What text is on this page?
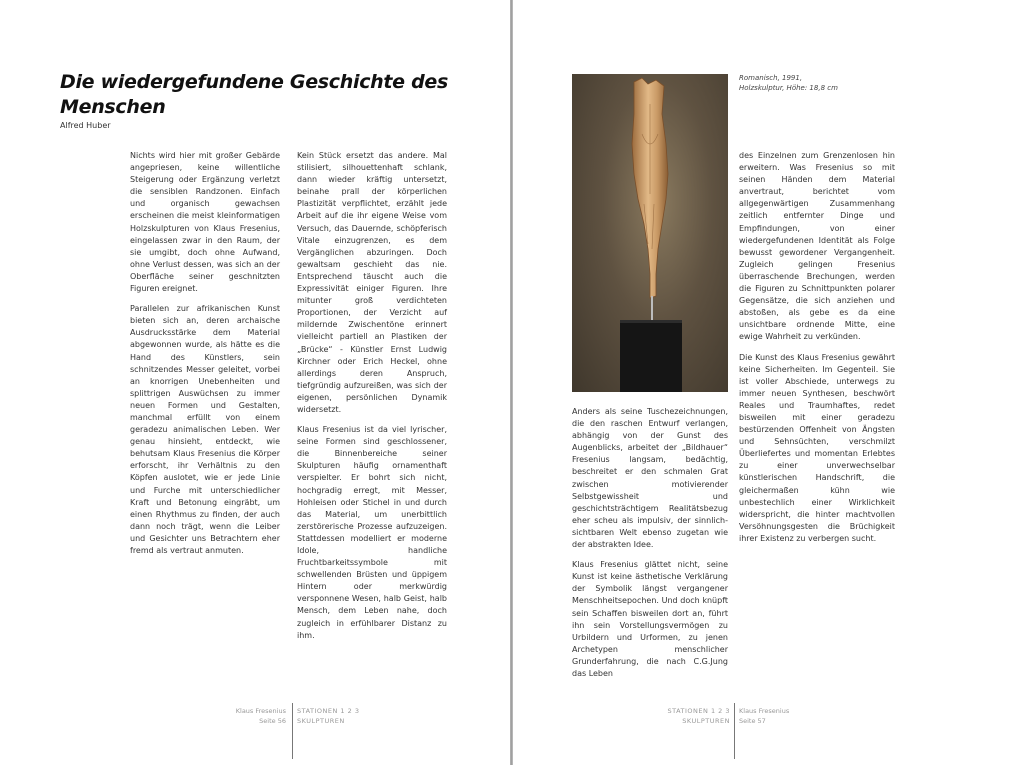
Die wiedergefundene Geschichte des Menschen
Alfred Huber

Nichts wird hier mit großer Gebärde angepriesen, keine willentliche Steigerung oder Ergänzung verletzt die sensiblen Randzonen. Einfach und organisch gewachsen erscheinen die meist kleinformatigen Holzskulpturen von Klaus Fresenius, eingelassen zwar in den Raum, der sie umgibt, doch ohne Aufwand, ohne Verlust dessen, was sich an der Oberfläche seiner geschnitzten Figuren ereignet.

Parallelen zur afrikanischen Kunst bieten sich an, deren archaische Ausdrucksstärke dem Material abgewonnen wurde, als hätte es die Hand des Künstlers, sein schnitzendes Messer geleitet, vorbei an knorrigen Unebenheiten und splittrigen Auswüchsen zu immer neuen Formen und Gestalten, manchmal erfüllt von einem geradezu animalischen Leben. Wer genau hinsieht, entdeckt, wie behutsam Klaus Fresenius die Körper erforscht, ihr Verhältnis zu den Köpfen auslotet, wie er jede Linie und Furche mit unterschiedlicher Kraft und Betonung eingräbt, um einen Rhythmus zu finden, der auch dann noch trägt, wenn die Leiber und Gesichter uns Betrachtern eher fremd als vertraut anmuten.

Kein Stück ersetzt das andere. Mal stilisiert, silhouettenhaft schlank, dann wieder kräftig untersetzt, beinahe prall der körperlichen Plastizität verpflichtet, erzählt jede Arbeit auf die ihr eigene Weise vom Versuch, das Dauernde, schöpferisch Vitale einzugrenzen, es dem Vergänglichen abzuringen. Doch gewaltsam geschieht das nie. Entsprechend täuscht auch die Expressivität einiger Figuren. Ihre mitunter groß verdichteten Proportionen, der Verzicht auf mildernde Zwischentöne erinnert vielleicht partiell an Plastiken der „Brücke“ - Künstler Ernst Ludwig Kirchner oder Erich Heckel, ohne allerdings deren Anspruch, tiefgründig aufzureißen, was sich der eigenen, persönlichen Dynamik widersetzt.

Klaus Fresenius ist da viel lyrischer, seine Formen sind geschlossener, die Binnenbereiche seiner Skulpturen häufig ornamenthaft verspielter. Er bohrt sich nicht, hochgradig erregt, mit Messer, Hohleisen oder Stichel in und durch das Material, um unerbittlich zerstörerische Prozesse aufzuzeigen. Stattdessen modelliert er moderne Idole, handliche Fruchtbarkeitssymbole mit schwellenden Brüsten und üppigem Hintern oder merkwürdig versponnene Wesen, halb Geist, halb Mensch, dem Leben nahe, doch zugleich in erfühlbarer Distanz zu ihm.

Klaus Fresenius
Seite 56
STATIONEN 1 2 3
SKULPTUREN
Romanisch, 1991,
Holzskulptur, Höhe: 18,8 cm

Anders als seine Tuschezeichnungen, die den raschen Entwurf verlangen, abhängig von der Gunst des Augenblicks, arbeitet der „Bildhauer“ Fresenius langsam, bedächtig, beschreitet er den schmalen Grat zwischen motivierender Selbstgewissheit und geschichtsträchtigem Realitätsbezug eher scheu als impulsiv, der sinnlich-sichtbaren Welt ebenso zugetan wie der abstrakten Idee.

Klaus Fresenius glättet nicht, seine Kunst ist keine ästhetische Verklärung der Symbolik längst vergangener Menschheitsepochen. Und doch knüpft sein Schaffen bisweilen dort an, führt ihn sein Vorstellungsvermögen zu Urbildern und Urformen, zu jenen Archetypen menschlicher Grunderfahrung, die nach C.G.Jung das Leben

des Einzelnen zum Grenzenlosen hin erweitern. Was Fresenius so mit seinen Händen dem Material anvertraut, berichtet vom allgegenwärtigen Zusammenhang zeitlich entfernter Dinge und Empfindungen, von einer wiedergefundenen Identität als Folge bewusst gewordener Vergangenheit. Zugleich gelingen Fresenius überraschende Brechungen, werden die Figuren zu Schnittpunkten polarer Gegensätze, die sich anziehen und abstoßen, als gebe es da eine unsichtbare ordnende Mitte, eine ewige Wahrheit zu verkünden.

Die Kunst des Klaus Fresenius gewährt keine Sicherheiten. Im Gegenteil. Sie ist voller Abschiede, unterwegs zu immer neuen Synthesen, beschwört Reales und Traumhaftes, redet bisweilen mit einer geradezu bestürzenden Offenheit von Ängsten und Sehnsüchten, verschmilzt Überliefertes und momentan Erlebtes zu einer unverwechselbar künstlerischen Handschrift, die gleichermaßen kühn wie unbestechlich einer Wirklichkeit widerspricht, die hinter machtvollen Versöhnungsgesten die Brüchigkeit ihrer Existenz zu verbergen sucht.

STATIONEN 1 2 3
SKULPTUREN
Klaus Fresenius
Seite 57
